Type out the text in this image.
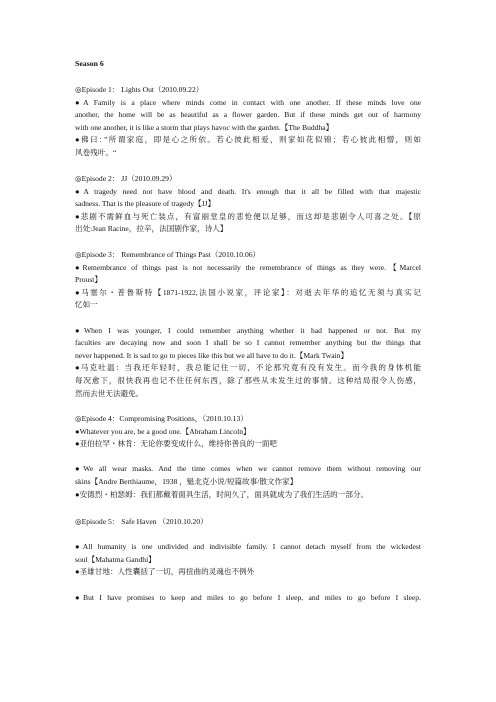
Season 6
◎Episode 1： Lights Out（2010.09.22）
●A Family is a place where minds come in contact with one another. If these minds love one
another, the home will be as beautiful as a flower garden. But if these minds get out of harmony
with one another, it is like a storm that plays havoc with the garden.【The Buddha】
●佛曰：”所谓家庭，即是心之所依。若心彼此相爱，则家如花似锦；若心彼此相憎，则如
风卷残叶。“
◎Episode 2： JJ（2010.09.29）
●A tragedy need not have blood and death. It's enough that it all be filled with that majestic
sadness. That is the pleasure of tragedy【JJ】
●悲剧不需鲜血与死亡装点，有富丽堂皇的悲怆便以足够，而这却是悲剧令人可喜之处。【原
出处:Jean Racine，拉辛，法国剧作家，诗人】
◎Episode 3： Remembrance of Things Past（2010.10.06）
●Remembrance of things past is not necessarily the remembrance of things as they were.【Marcel
Proust】
●马塞尔・普鲁斯特【1871-1922,法国小说家，评论家】：对逝去年华的追忆无须与真实记
忆如一
●When I was younger, I could remember anything whether it had happened or not. But my
faculties are decaying now and soon I shall be so I cannot remember anything but the things that
never happened. It is sad to go to pieces like this but we all have to do it.【Mark Twain】
●马克吐温：当我还年轻时，我总能记住一切，不论那究竟有没有发生。而今我的身体机能
每况愈下，很快我再也记不住任何东西，除了那些从未发生过的事情。这种结局很令人伤感，
然而去世无法避免。
◎Episode 4：Compromising Positions，（2010.10.13）
●Whatever you are, be a good one.【Abraham Lincoln】
●亚伯拉罕・林肯：无论你要变成什么，维持你善良的一面吧
●We all wear masks. And the time comes when we cannot remove them without removing our
skins【Andre Berthiaume，1938 ，魁北克小说/短篇故事/散文作家】
●安德烈・柏瑟姆：我们都戴着面具生活，时间久了，面具就成为了我们生活的一部分。
◎Episode 5： Safe Haven （2010.10.20）
●All humanity is one undivided and indivisible family. I cannot detach myself from the wickedest
soul【Mahatma Gandhi】
●圣雄甘地：人性囊括了一切，再扭曲的灵魂也不例外
●But I have promises to keep and miles to go before I sleep, and miles to go before I sleep.
